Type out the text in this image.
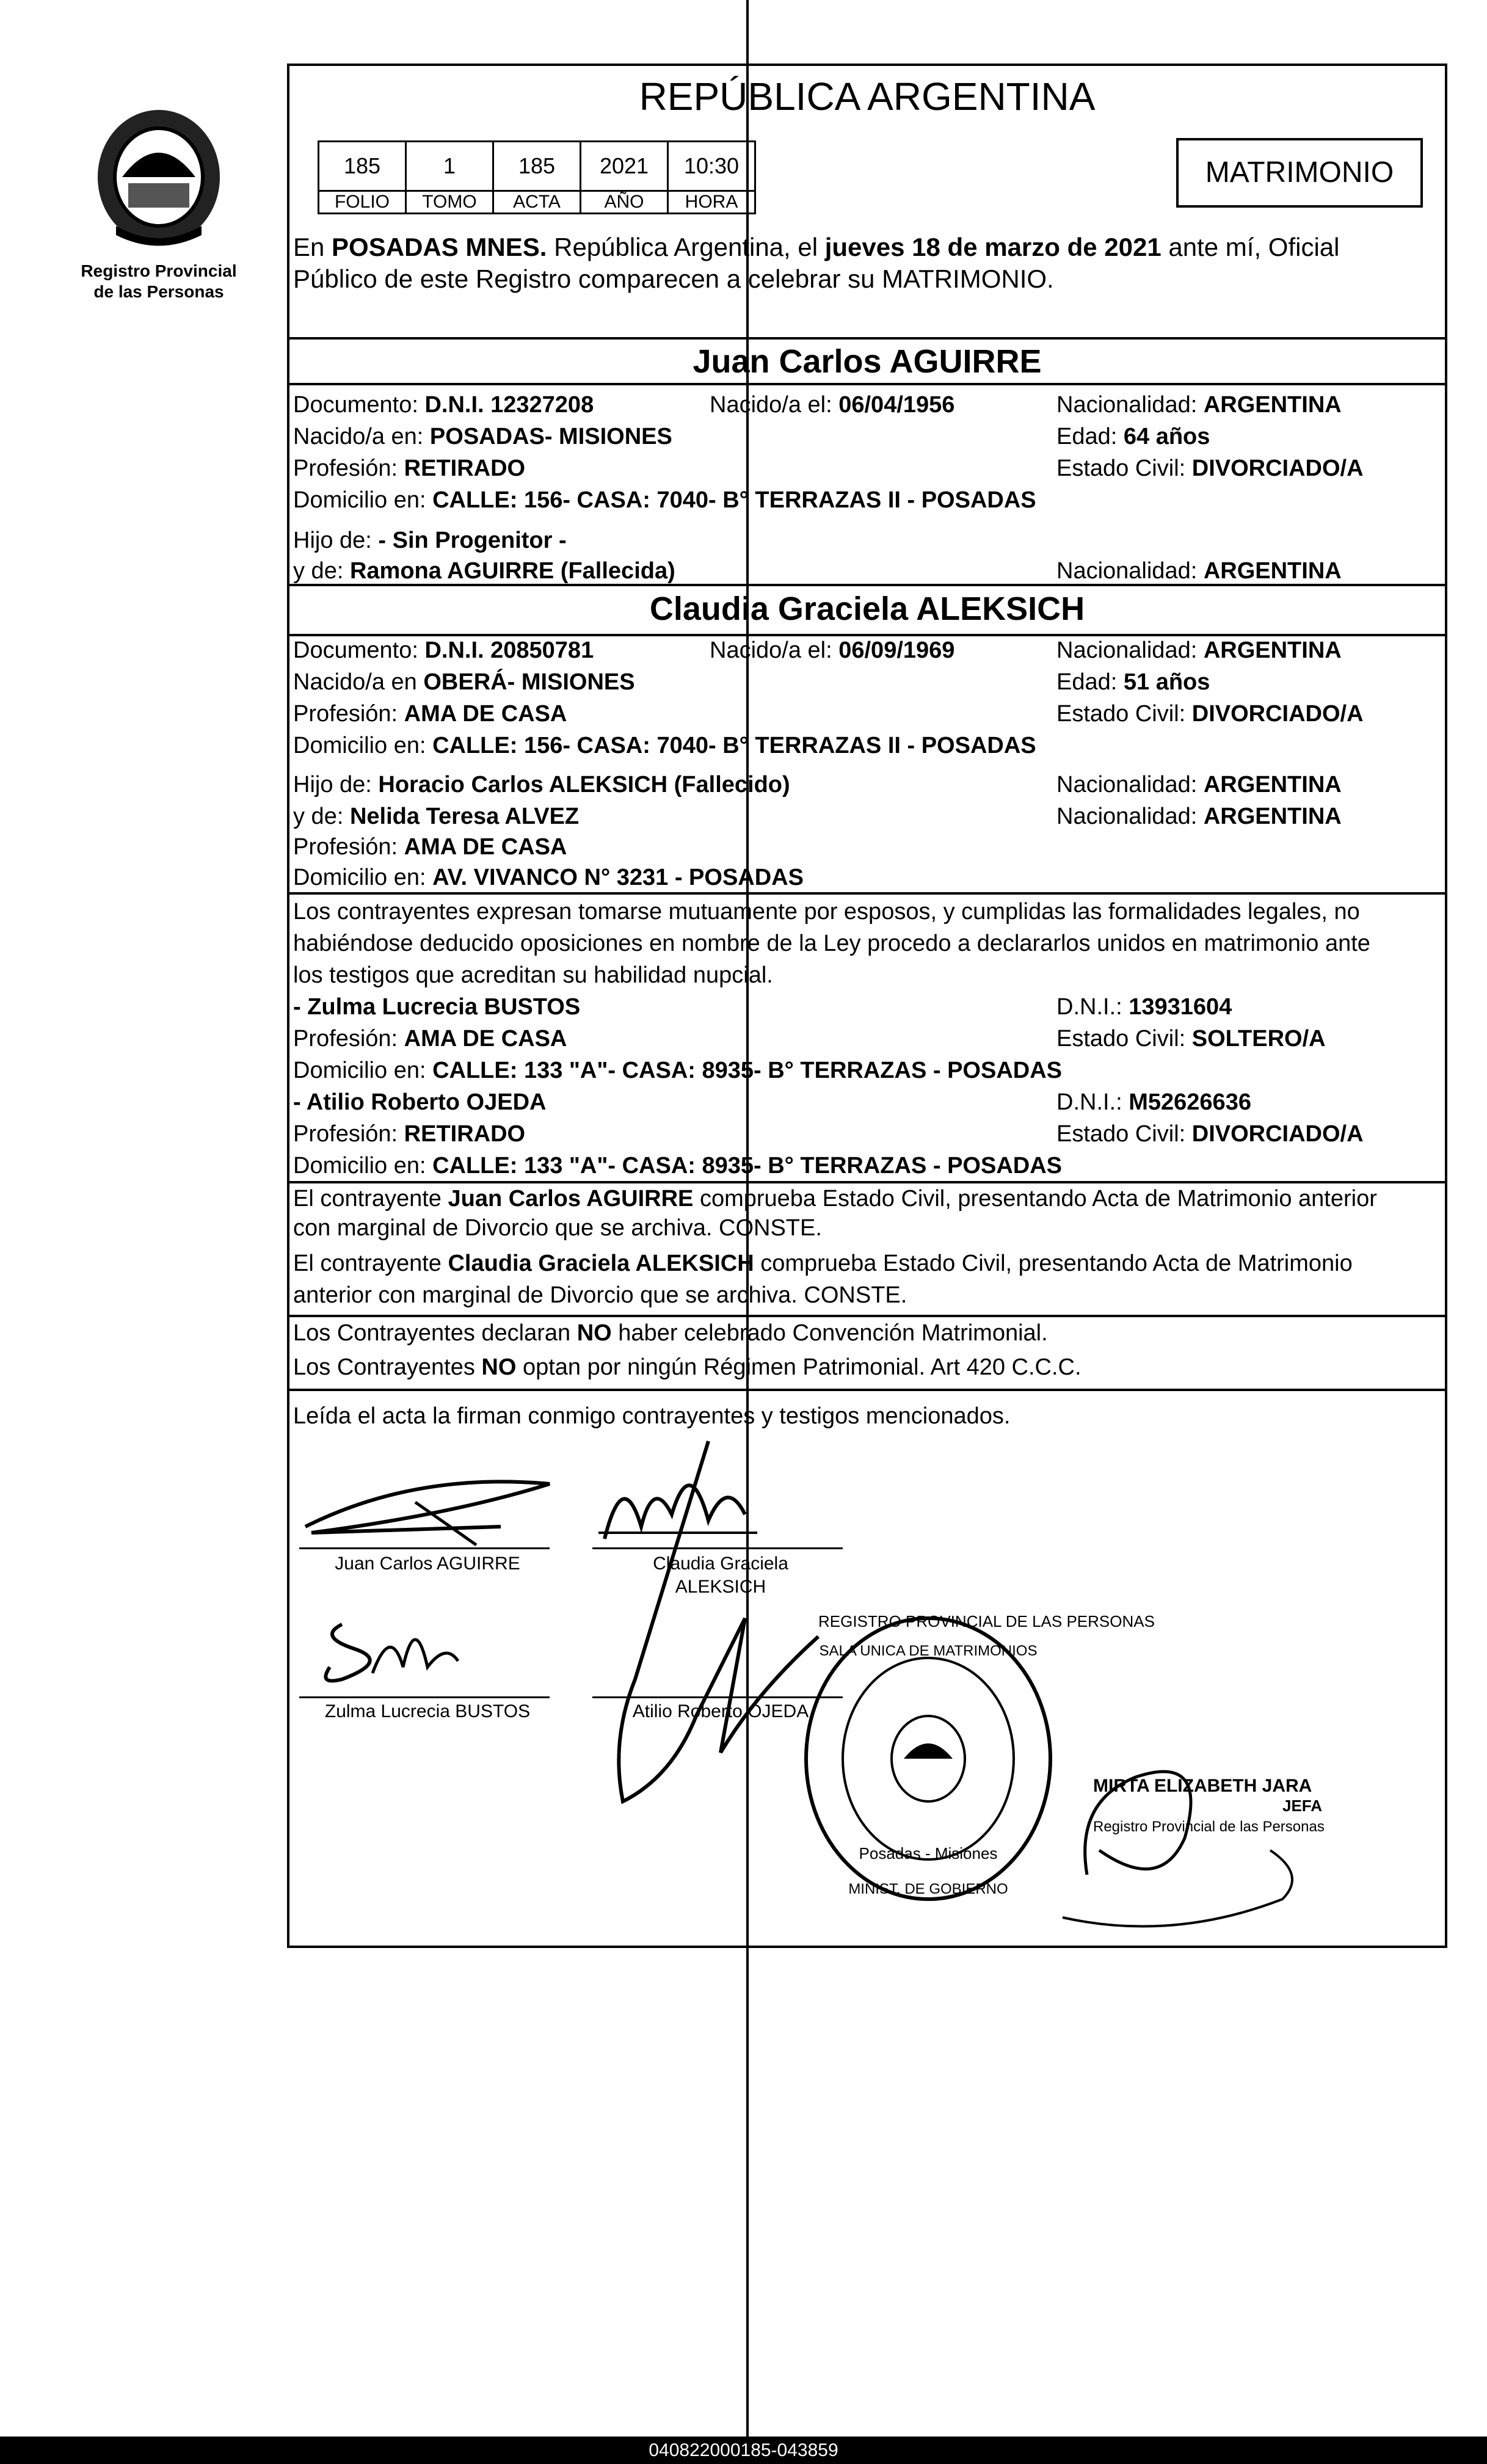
Registro Provincial
de las Personas
REPÚBLICA ARGENTINA
185	1	185	2021	10:30
FOLIO	TOMO	ACTA	AÑO	HORA
MATRIMONIO
En POSADAS MNES. República Argentina, el jueves 18 de marzo de 2021 ante mí, Oficial
Público de este Registro comparecen a celebrar su MATRIMONIO.
Juan Carlos AGUIRRE
Documento: D.N.I. 12327208	Nacido/a el: 06/04/1956	Nacionalidad: ARGENTINA
Nacido/a en: POSADAS- MISIONES	Edad: 64 años
Profesión: RETIRADO	Estado Civil: DIVORCIADO/A
Domicilio en: CALLE: 156- CASA: 7040- B° TERRAZAS II - POSADAS
Hijo de: - Sin Progenitor -
y de: Ramona AGUIRRE (Fallecida)	Nacionalidad: ARGENTINA
Claudia Graciela ALEKSICH
Documento: D.N.I. 20850781	Nacido/a el: 06/09/1969	Nacionalidad: ARGENTINA
Nacido/a en OBERÁ- MISIONES	Edad: 51 años
Profesión: AMA DE CASA	Estado Civil: DIVORCIADO/A
Domicilio en: CALLE: 156- CASA: 7040- B° TERRAZAS II - POSADAS
Hijo de: Horacio Carlos ALEKSICH (Fallecido)	Nacionalidad: ARGENTINA
y de: Nelida Teresa ALVEZ	Nacionalidad: ARGENTINA
Profesión: AMA DE CASA
Domicilio en: AV. VIVANCO N° 3231 - POSADAS
Los contrayentes expresan tomarse mutuamente por esposos, y cumplidas las formalidades legales, no
habiéndose deducido oposiciones en nombre de la Ley procedo a declararlos unidos en matrimonio ante
los testigos que acreditan su habilidad nupcial.
- Zulma Lucrecia BUSTOS	D.N.I.: 13931604
Profesión: AMA DE CASA	Estado Civil: SOLTERO/A
Domicilio en: CALLE: 133 "A"- CASA: 8935- B° TERRAZAS - POSADAS
- Atilio Roberto OJEDA	D.N.I.: M52626636
Profesión: RETIRADO	Estado Civil: DIVORCIADO/A
Domicilio en: CALLE: 133 "A"- CASA: 8935- B° TERRAZAS - POSADAS
El contrayente Juan Carlos AGUIRRE comprueba Estado Civil, presentando Acta de Matrimonio anterior
con marginal de Divorcio que se archiva. CONSTE.
El contrayente Claudia Graciela ALEKSICH comprueba Estado Civil, presentando Acta de Matrimonio
anterior con marginal de Divorcio que se archiva. CONSTE.
Los Contrayentes declaran NO haber celebrado Convención Matrimonial.
Los Contrayentes NO optan por ningún Régimen Patrimonial. Art 420 C.C.C.
Leída el acta la firman conmigo contrayentes y testigos mencionados.
Juan Carlos AGUIRRE	Claudia Graciela
ALEKSICH
Zulma Lucrecia BUSTOS	Atilio Roberto OJEDA
REGISTRO PROVINCIAL DE LAS PERSONAS
SALA UNICA DE MATRIMONIOS
Posadas - Misiones
MINIST. DE GOBIERNO
MIRTA ELIZABETH JARA
JEFA
Registro Provincial de las Personas
040822000185-043859
